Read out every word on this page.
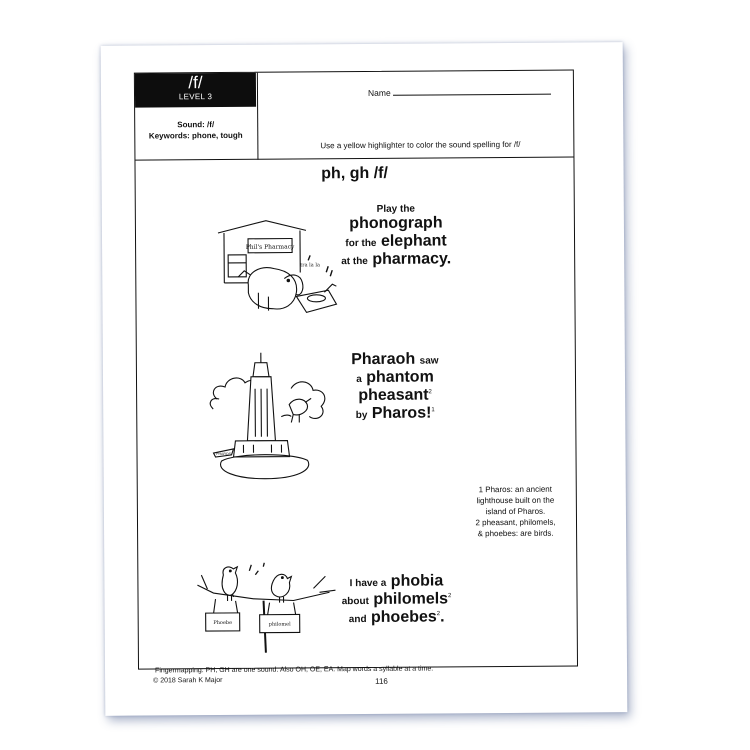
/f/
LEVEL 3
Sound: /f/
Keywords: phone, tough
Name
Use a yellow highlighter to color the sound spelling for /f/
ph, gh /f/
Phil's Pharmacy
tra la la
Play the
phonograph
for the elephant
at the pharmacy.
PHAROS
Pharaoh saw
a phantom
pheasant$^2$
by Pharos!$^1$
1 Pharos: an ancient
lighthouse built on the
island of Pharos.
2 pheasant, philomels,
& phoebes: are birds.
Phoebe	philomel
I have a phobia
about philomels$^2$
and phoebes$^2$.
Fingermapping: PH, GH are one sound. Also OH, OE, EA. Map words a syllable at a time.
© 2018 Sarah K Major	116
